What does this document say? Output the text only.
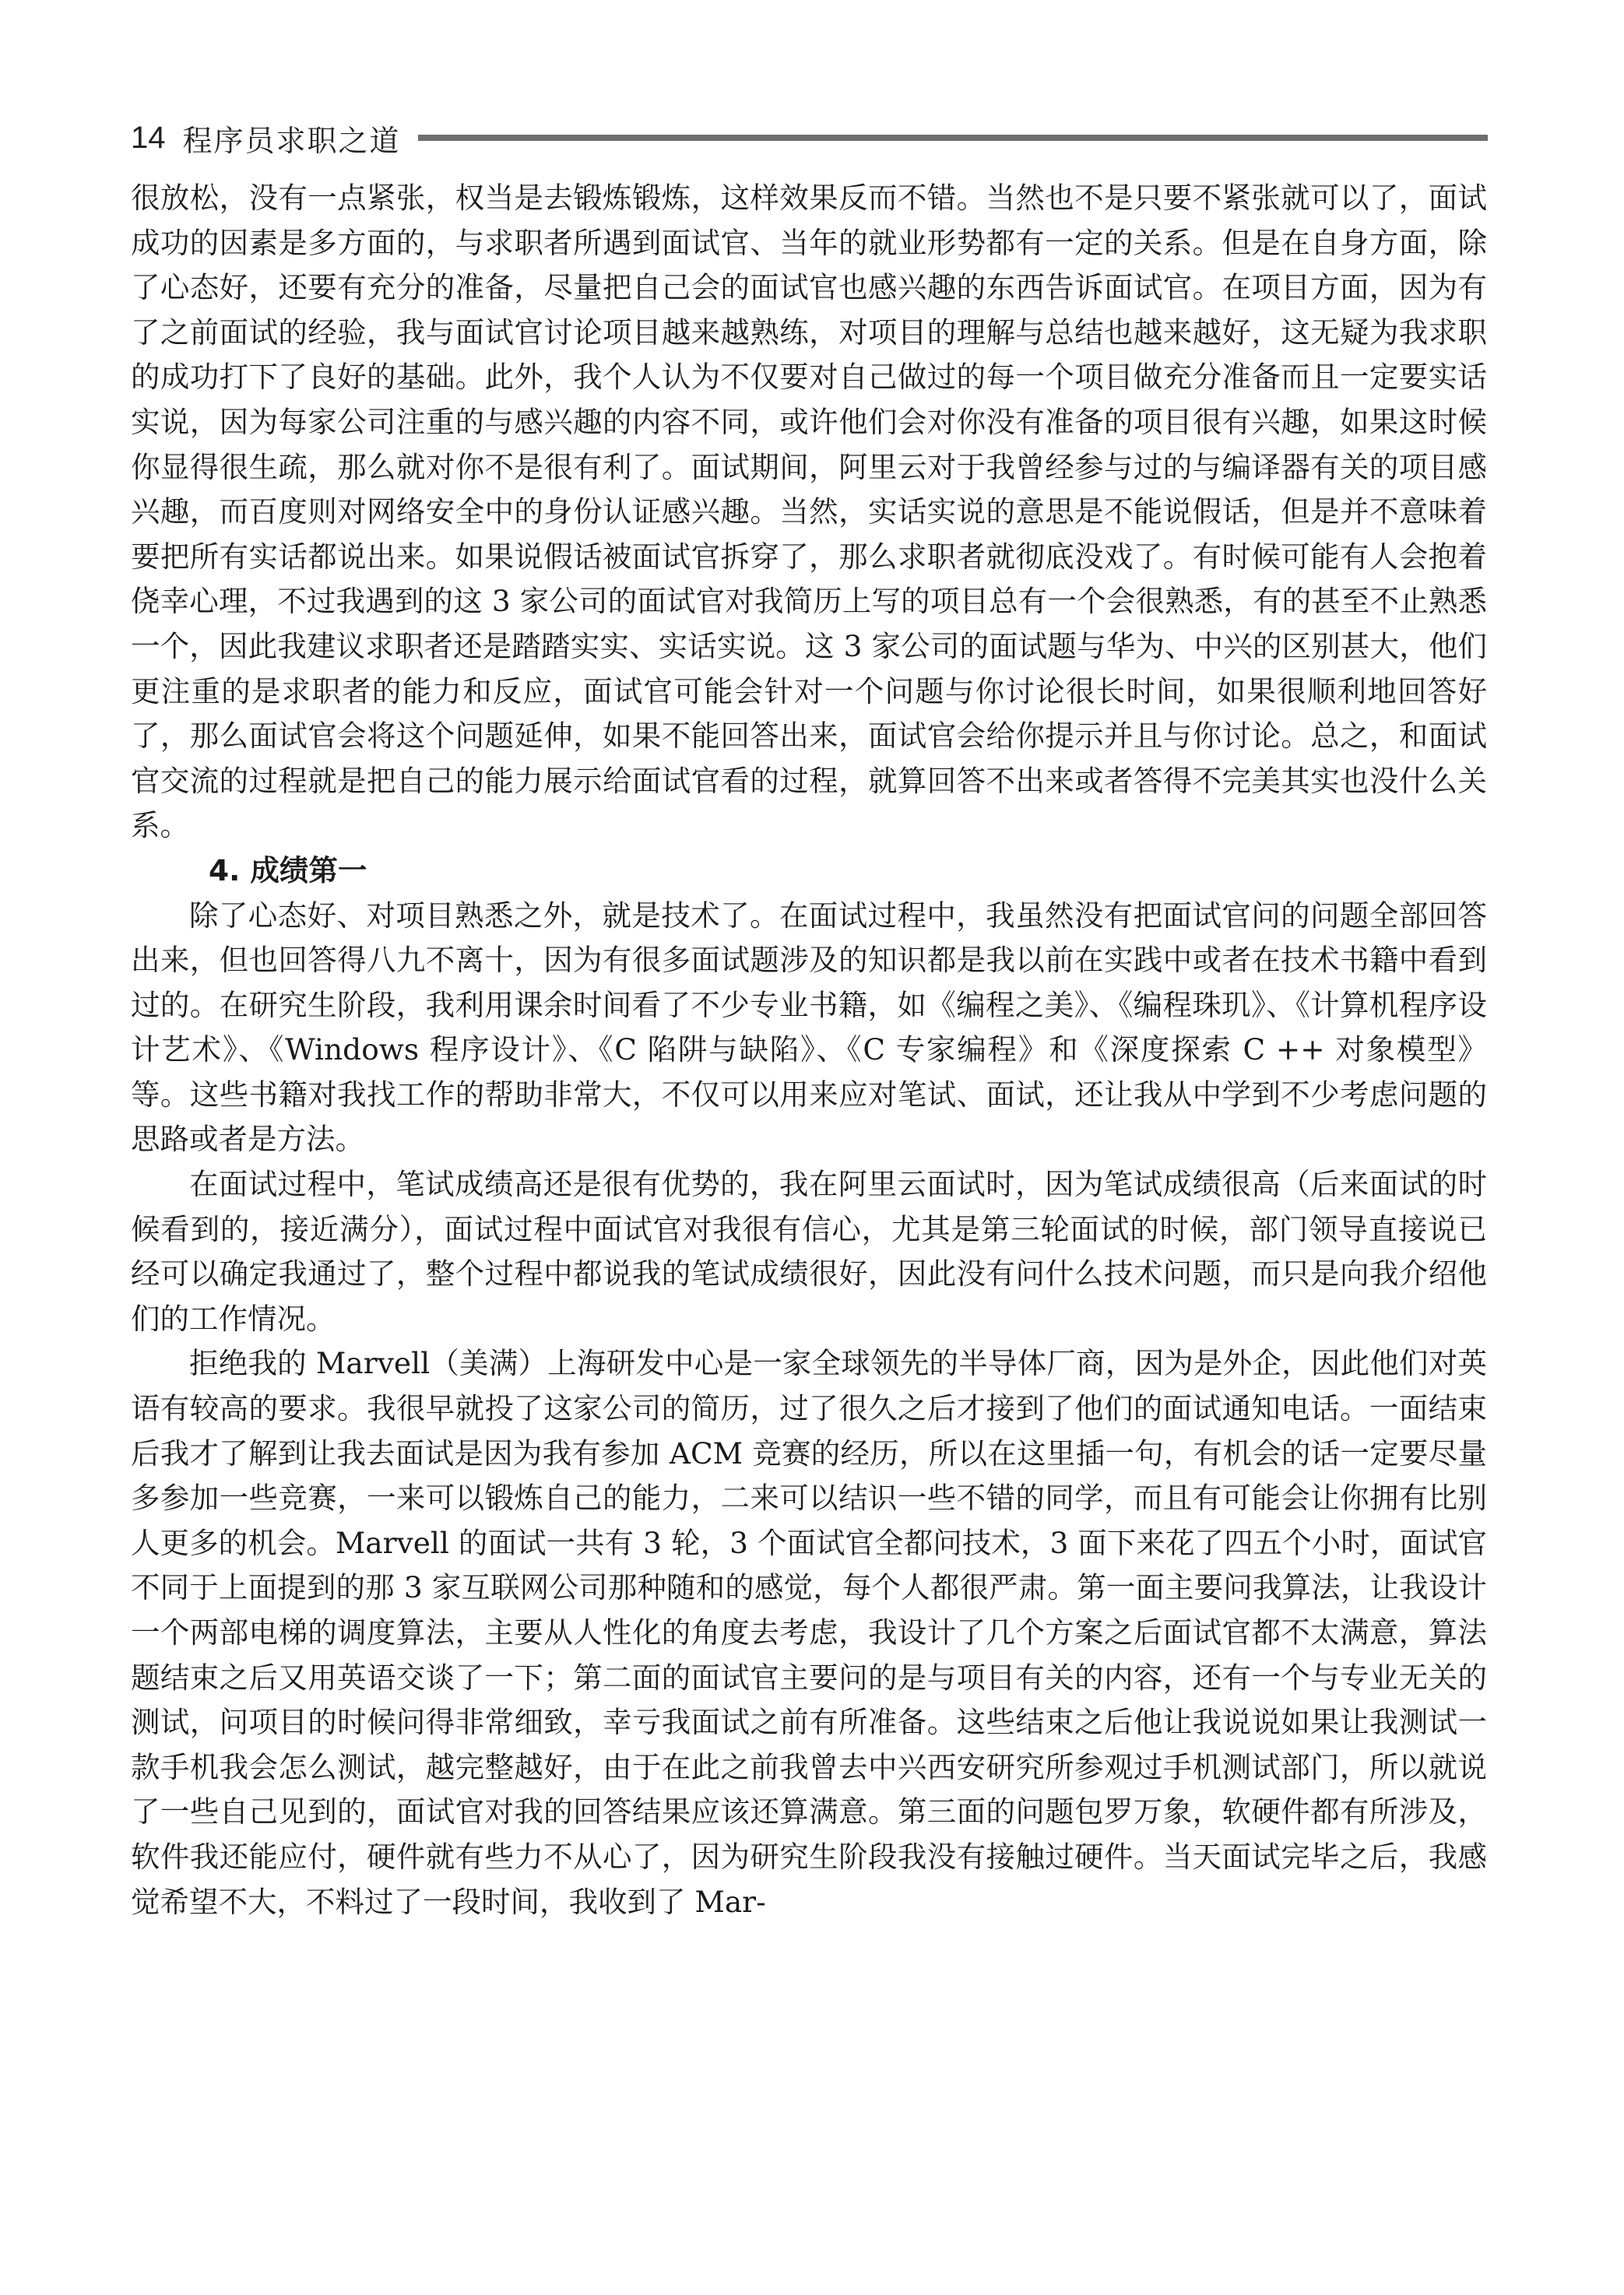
14 程序员求职之道

很放松，没有一点紧张，权当是去锻炼锻炼，这样效果反而不错。当然也不是只要不紧张就可以了，面试成功的因素是多方面的，与求职者所遇到面试官、当年的就业形势都有一定的关系。但是在自身方面，除了心态好，还要有充分的准备，尽量把自己会的面试官也感兴趣的东西告诉面试官。在项目方面，因为有了之前面试的经验，我与面试官讨论项目越来越熟练，对项目的理解与总结也越来越好，这无疑为我求职的成功打下了良好的基础。此外，我个人认为不仅要对自己做过的每一个项目做充分准备而且一定要实话实说，因为每家公司注重的与感兴趣的内容不同，或许他们会对你没有准备的项目很有兴趣，如果这时候你显得很生疏，那么就对你不是很有利了。面试期间，阿里云对于我曾经参与过的与编译器有关的项目感兴趣，而百度则对网络安全中的身份认证感兴趣。当然，实话实说的意思是不能说假话，但是并不意味着要把所有实话都说出来。如果说假话被面试官拆穿了，那么求职者就彻底没戏了。有时候可能有人会抱着侥幸心理，不过我遇到的这 3 家公司的面试官对我简历上写的项目总有一个会很熟悉，有的甚至不止熟悉一个，因此我建议求职者还是踏踏实实、实话实说。这 3 家公司的面试题与华为、中兴的区别甚大，他们更注重的是求职者的能力和反应，面试官可能会针对一个问题与你讨论很长时间，如果很顺利地回答好了，那么面试官会将这个问题延伸，如果不能回答出来，面试官会给你提示并且与你讨论。总之，和面试官交流的过程就是把自己的能力展示给面试官看的过程，就算回答不出来或者答得不完美其实也没什么关系。

4. 成绩第一

除了心态好、对项目熟悉之外，就是技术了。在面试过程中，我虽然没有把面试官问的问题全部回答出来，但也回答得八九不离十，因为有很多面试题涉及的知识都是我以前在实践中或者在技术书籍中看到过的。在研究生阶段，我利用课余时间看了不少专业书籍，如《编程之美》、《编程珠玑》、《计算机程序设计艺术》、《Windows 程序设计》、《C 陷阱与缺陷》、《C 专家编程》和《深度探索 C ++ 对象模型》等。这些书籍对我找工作的帮助非常大，不仅可以用来应对笔试、面试，还让我从中学到不少考虑问题的思路或者是方法。

在面试过程中，笔试成绩高还是很有优势的，我在阿里云面试时，因为笔试成绩很高（后来面试的时候看到的，接近满分），面试过程中面试官对我很有信心，尤其是第三轮面试的时候，部门领导直接说已经可以确定我通过了，整个过程中都说我的笔试成绩很好，因此没有问什么技术问题，而只是向我介绍他们的工作情况。

拒绝我的 Marvell（美满）上海研发中心是一家全球领先的半导体厂商，因为是外企，因此他们对英语有较高的要求。我很早就投了这家公司的简历，过了很久之后才接到了他们的面试通知电话。一面结束后我才了解到让我去面试是因为我有参加 ACM 竞赛的经历，所以在这里插一句，有机会的话一定要尽量多参加一些竞赛，一来可以锻炼自己的能力，二来可以结识一些不错的同学，而且有可能会让你拥有比别人更多的机会。Marvell 的面试一共有 3 轮，3 个面试官全都问技术，3 面下来花了四五个小时，面试官不同于上面提到的那 3 家互联网公司那种随和的感觉，每个人都很严肃。第一面主要问我算法，让我设计一个两部电梯的调度算法，主要从人性化的角度去考虑，我设计了几个方案之后面试官都不太满意，算法题结束之后又用英语交谈了一下；第二面的面试官主要问的是与项目有关的内容，还有一个与专业无关的测试，问项目的时候问得非常细致，幸亏我面试之前有所准备。这些结束之后他让我说说如果让我测试一款手机我会怎么测试，越完整越好，由于在此之前我曾去中兴西安研究所参观过手机测试部门，所以就说了一些自己见到的，面试官对我的回答结果应该还算满意。第三面的问题包罗万象，软硬件都有所涉及，软件我还能应付，硬件就有些力不从心了，因为研究生阶段我没有接触过硬件。当天面试完毕之后，我感觉希望不大，不料过了一段时间，我收到了 Mar-
